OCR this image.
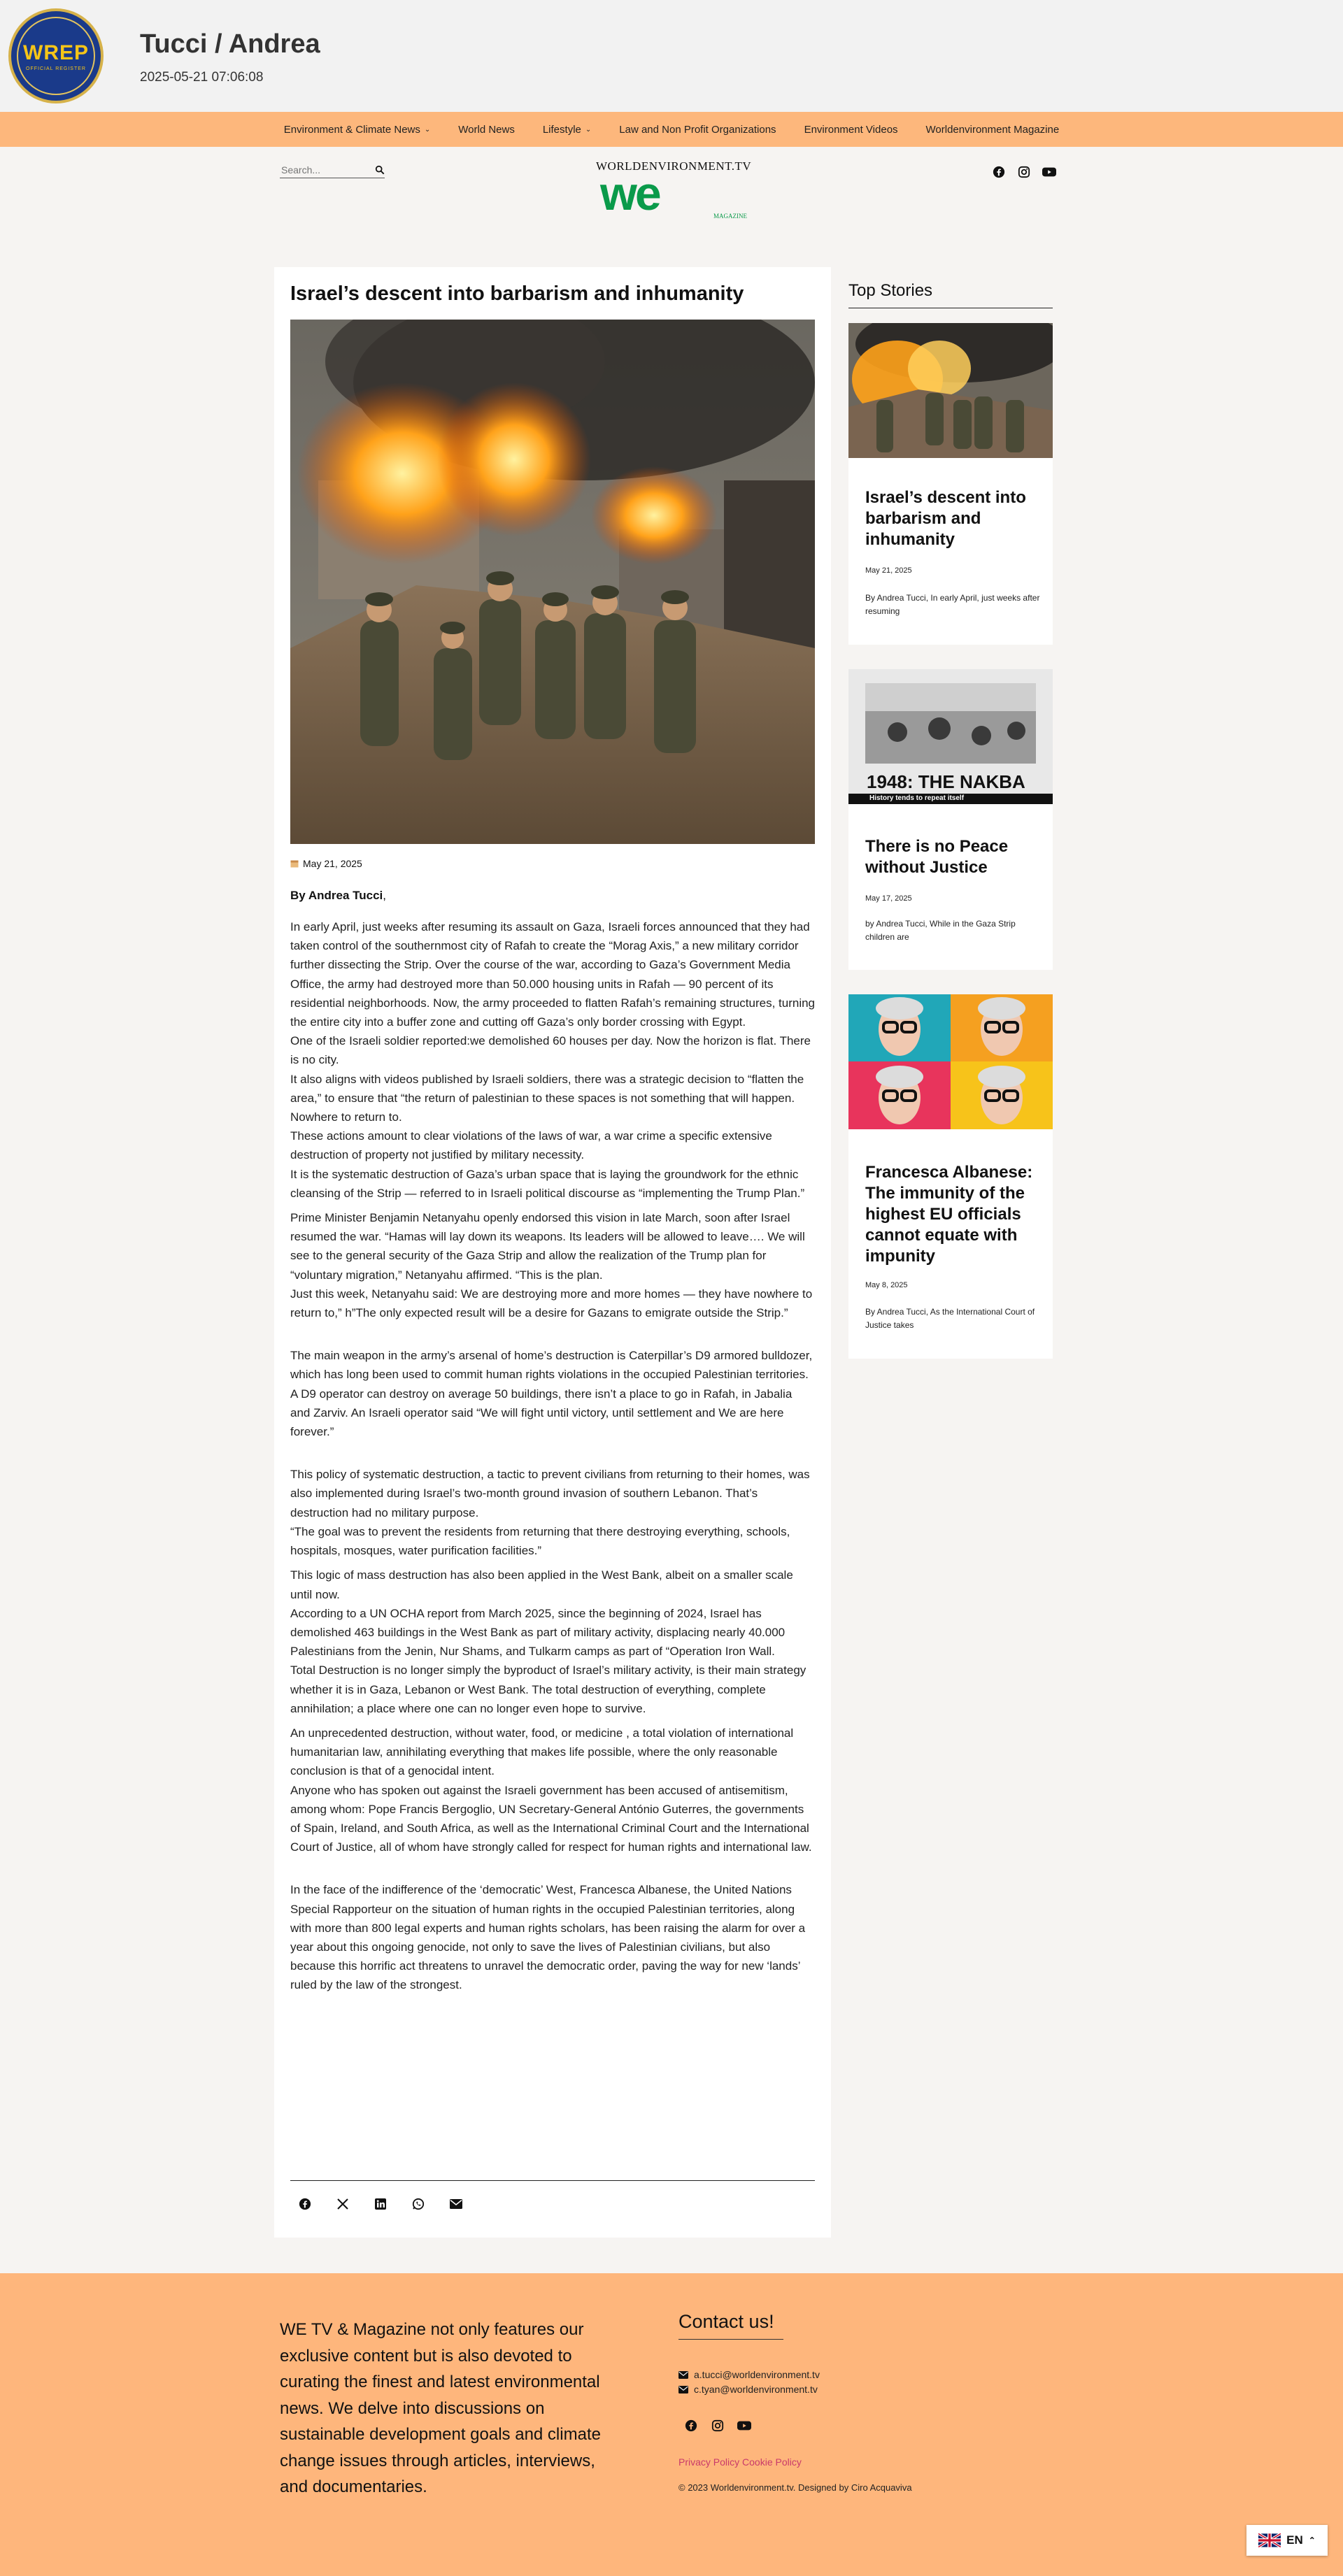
WREP
OFFICIAL REGISTER
Tucci / Andrea
2025-05-21 07:06:08
Environment & Climate News ⌄	World News	Lifestyle ⌄	Law and Non Profit Organizations	Environment Videos	Worldenvironment Magazine
Search...
WORLDENVIRONMENT.TV
we	MAGAZINE
Israel’s descent into barbarism and inhumanity
May 21, 2025
By Andrea Tucci,

In early April, just weeks after resuming its assault on Gaza, Israeli forces announced that they had taken control of the southernmost city of Rafah to create the “Morag Axis,” a new military corridor further dissecting the Strip. Over the course of the war, according to Gaza’s Government Media Office, the army had destroyed more than 50.000 housing units in Rafah — 90 percent of its residential neighborhoods. Now, the army proceeded to flatten Rafah’s remaining structures, turning the entire city into a buffer zone and cutting off Gaza’s only border crossing with Egypt.
One of the Israeli soldier reported:we demolished 60 houses per day. Now the horizon is flat. There is no city.
It also aligns with videos published by Israeli soldiers, there was a strategic decision to “flatten the area,” to ensure that “the return of palestinian to these spaces is not something that will happen. Nowhere to return to.
These actions amount to clear violations of the laws of war, a war crime a specific extensive destruction of property not justified by military necessity.
It is the systematic destruction of Gaza’s urban space that is laying the groundwork for the ethnic cleansing of the Strip — referred to in Israeli political discourse as “implementing the Trump Plan.”

Prime Minister Benjamin Netanyahu openly endorsed this vision in late March, soon after Israel resumed the war. “Hamas will lay down its weapons. Its leaders will be allowed to leave…. We will see to the general security of the Gaza Strip and allow the realization of the Trump plan for “voluntary migration,” Netanyahu affirmed. “This is the plan.
Just this week, Netanyahu said: We are destroying more and more homes — they have nowhere to return to,” h”The only expected result will be a desire for Gazans to emigrate outside the Strip.”

The main weapon in the army’s arsenal of home’s destruction is Caterpillar’s D9 armored bulldozer, which has long been used to commit human rights violations in the occupied Palestinian territories.
A D9 operator can destroy on average 50 buildings, there isn’t a place to go in Rafah, in Jabalia and Zarviv. An Israeli operator said “We will fight until victory, until settlement and We are here forever.”

This policy of systematic destruction, a tactic to prevent civilians from returning to their homes, was also implemented during Israel’s two-month ground invasion of southern Lebanon. That’s destruction had no military purpose.
“The goal was to prevent the residents from returning that there destroying everything, schools, hospitals, mosques, water purification facilities.”

This logic of mass destruction has also been applied in the West Bank, albeit on a smaller scale until now.
According to a UN OCHA report from March 2025, since the beginning of 2024, Israel has demolished 463 buildings in the West Bank as part of military activity, displacing nearly 40.000 Palestinians from the Jenin, Nur Shams, and Tulkarm camps as part of “Operation Iron Wall.
Total Destruction is no longer simply the byproduct of Israel’s military activity, is their main strategy whether it is in Gaza, Lebanon or West Bank. The total destruction of everything, complete annihilation; a place where one can no longer even hope to survive.

An unprecedented destruction, without water, food, or medicine , a total violation of international humanitarian law, annihilating everything that makes life possible, where the only reasonable conclusion is that of a genocidal intent.
Anyone who has spoken out against the Israeli government has been accused of antisemitism, among whom: Pope Francis Bergoglio, UN Secretary-General António Guterres, the governments of Spain, Ireland, and South Africa, as well as the International Criminal Court and the International Court of Justice, all of whom have strongly called for respect for human rights and international law.

In the face of the indifference of the ‘democratic’ West, Francesca Albanese, the United Nations Special Rapporteur on the situation of human rights in the occupied Palestinian territories, along with more than 800 legal experts and human rights scholars, has been raising the alarm for over a year about this ongoing genocide, not only to save the lives of Palestinian civilians, but also because this horrific act threatens to unravel the democratic order, paving the way for new ‘lands’ ruled by the law of the strongest.

Top Stories
Israel’s descent into barbarism and inhumanity
May 21, 2025
By Andrea Tucci, In early April, just weeks after resuming
1948: THE NAKBA
History tends to repeat itself
There is no Peace without Justice
May 17, 2025
by Andrea Tucci, While in the Gaza Strip children are
Francesca Albanese: The immunity of the highest EU officials cannot equate with impunity
May 8, 2025
By Andrea Tucci, As the International Court of Justice takes
WE TV & Magazine not only features our exclusive content but is also devoted to curating the finest and latest environmental news. We delve into discussions on sustainable development goals and climate change issues through articles, interviews, and documentaries.
Contact us!
a.tucci@worldenvironment.tv
c.tyan@worldenvironment.tv
Privacy Policy Cookie Policy
© 2023 Worldenvironment.tv. Designed by Ciro Acquaviva
EN ⌃
